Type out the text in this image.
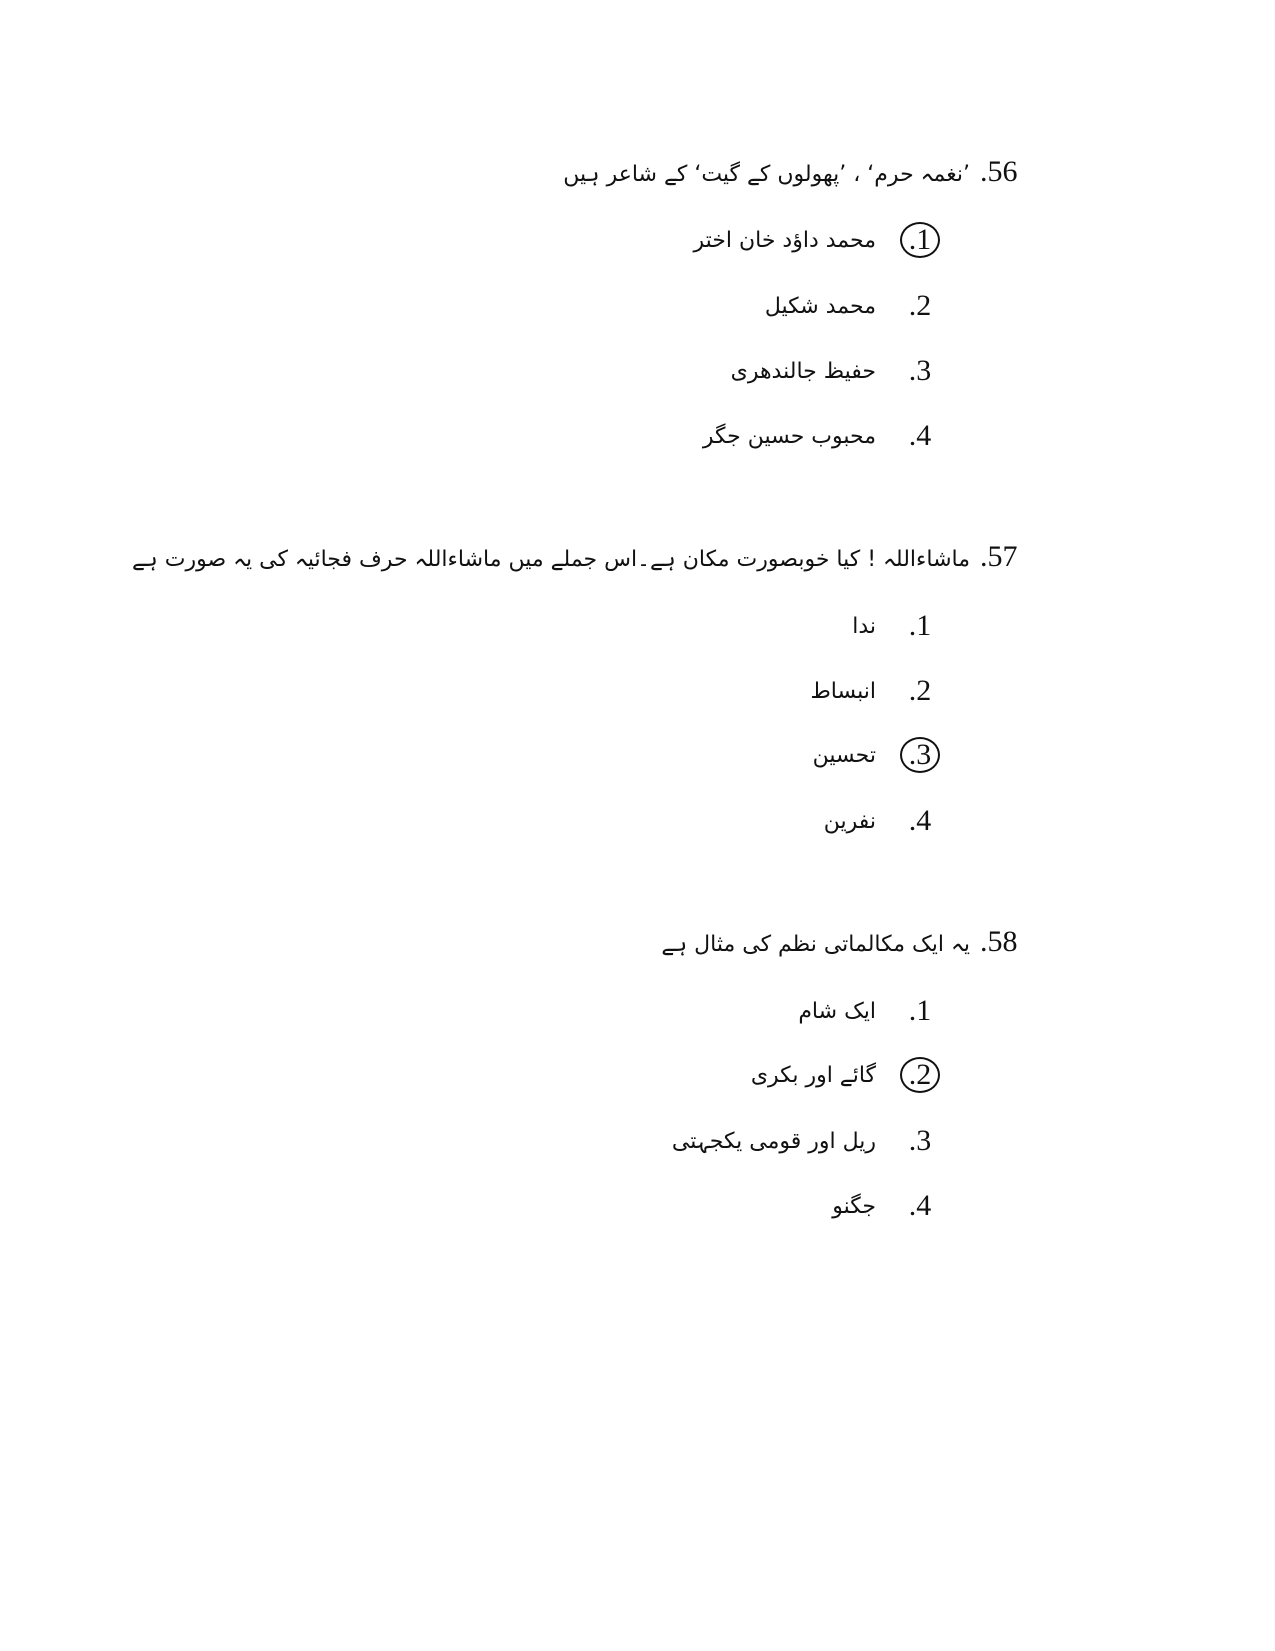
.56
’نغمہ حرم‘ ، ’پھولوں کے گیت‘ کے شاعر ہیں
.1
محمد داؤد خان اختر
.2
محمد شکیل
.3
حفیظ جالندھری
.4
محبوب حسین جگر
.57
ماشاءاللہ ! کیا خوبصورت مکان ہے۔اس جملے میں ماشاءاللہ حرف فجائیہ کی یہ صورت ہے
.1
ندا
.2
انبساط
.3
تحسین
.4
نفرین
.58
یہ ایک مکالماتی نظم کی مثال ہے
.1
ایک شام
.2
گائے اور بکری
.3
ریل اور قومی یکجہتی
.4
جگنو
